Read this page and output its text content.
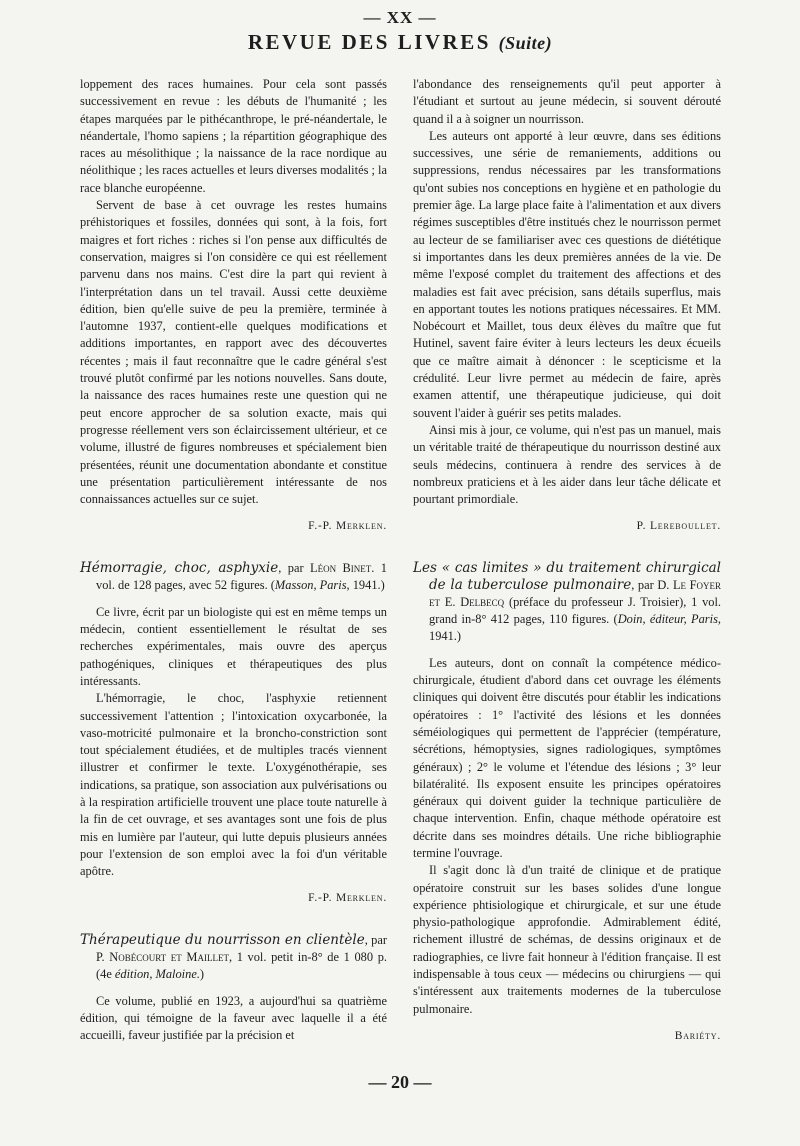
— XX —
REVUE DES LIVRES (Suite)

loppement des races humaines. Pour cela sont passés successivement en revue : les débuts de l'humanité ; les étapes marquées par le pithécanthrope, le pré-néandertale, le néandertale, l'homo sapiens ; la répartition géographique des races au mésolithique ; la naissance de la race nordique au néolithique ; les races actuelles et leurs diverses modalités ; la race blanche européenne.

Servent de base à cet ouvrage les restes humains préhistoriques et fossiles, données qui sont, à la fois, fort maigres et fort riches : riches si l'on pense aux difficultés de conservation, maigres si l'on considère ce qui est réellement parvenu dans nos mains. C'est dire la part qui revient à l'interprétation dans un tel travail. Aussi cette deuxième édition, bien qu'elle suive de peu la première, terminée à l'automne 1937, contient-elle quelques modifications et additions importantes, en rapport avec des découvertes récentes ; mais il faut reconnaître que le cadre général s'est trouvé plutôt confirmé par les notions nouvelles. Sans doute, la naissance des races humaines reste une question qui ne peut encore approcher de sa solution exacte, mais qui progresse réellement vers son éclaircissement ultérieur, et ce volume, illustré de figures nombreuses et spécialement bien présentées, réunit une documentation abondante et constitue une présentation particulièrement intéressante de nos connaissances actuelles sur ce sujet.

F.-P. Merklen.

Hémorragie, choc, asphyxie, par Léon Binet. 1 vol. de 128 pages, avec 52 figures. (Masson, Paris, 1941.)

Ce livre, écrit par un biologiste qui est en même temps un médecin, contient essentiellement le résultat de ses recherches expérimentales, mais ouvre des aperçus pathogéniques, cliniques et thérapeutiques des plus intéressants.

L'hémorragie, le choc, l'asphyxie retiennent successivement l'attention ; l'intoxication oxycarbonée, la vaso-motricité pulmonaire et la broncho-constriction sont tout spécialement étudiées, et de multiples tracés viennent illustrer et confirmer le texte. L'oxygénothérapie, ses indications, sa pratique, son association aux pulvérisations ou à la respiration artificielle trouvent une place toute naturelle à la fin de cet ouvrage, et ses avantages sont une fois de plus mis en lumière par l'auteur, qui lutte depuis plusieurs années pour l'extension de son emploi avec la foi d'un véritable apôtre.

F.-P. Merklen.

Thérapeutique du nourrisson en clientèle, par P. Nobécourt et Maillet, 1 vol. petit in-8° de 1 080 p. (4e édition, Maloine.)

Ce volume, publié en 1923, a aujourd'hui sa quatrième édition, qui témoigne de la faveur avec laquelle il a été accueilli, faveur justifiée par la précision et

l'abondance des renseignements qu'il peut apporter à l'étudiant et surtout au jeune médecin, si souvent dérouté quand il a à soigner un nourrisson.

Les auteurs ont apporté à leur œuvre, dans ses éditions successives, une série de remaniements, additions ou suppressions, rendus nécessaires par les transformations qu'ont subies nos conceptions en hygiène et en pathologie du premier âge. La large place faite à l'alimentation et aux divers régimes susceptibles d'être institués chez le nourrisson permet au lecteur de se familiariser avec ces questions de diététique si importantes dans les deux premières années de la vie. De même l'exposé complet du traitement des affections et des maladies est fait avec précision, sans détails superflus, mais en apportant toutes les notions pratiques nécessaires. Et MM. Nobécourt et Maillet, tous deux élèves du maître que fut Hutinel, savent faire éviter à leurs lecteurs les deux écueils que ce maître aimait à dénoncer : le scepticisme et la crédulité. Leur livre permet au médecin de faire, après examen attentif, une thérapeutique judicieuse, qui doit souvent l'aider à guérir ses petits malades.

Ainsi mis à jour, ce volume, qui n'est pas un manuel, mais un véritable traité de thérapeutique du nourrisson destiné aux seuls médecins, continuera à rendre des services à de nombreux praticiens et à les aider dans leur tâche délicate et pourtant primordiale.

P. Lereboullet.

Les « cas limites » du traitement chirurgical de la tuberculose pulmonaire, par D. Le Foyer et E. Delbecq (préface du professeur J. Troisier), 1 vol. grand in-8° 412 pages, 110 figures. (Doin, éditeur, Paris, 1941.)

Les auteurs, dont on connaît la compétence médico-chirurgicale, étudient d'abord dans cet ouvrage les éléments cliniques qui doivent être discutés pour établir les indications opératoires : 1° l'activité des lésions et les données séméiologiques qui permettent de l'apprécier (température, sécrétions, hémoptysies, signes radiologiques, symptômes généraux) ; 2° le volume et l'étendue des lésions ; 3° leur bilatéralité. Ils exposent ensuite les principes opératoires généraux qui doivent guider la technique particulière de chaque intervention. Enfin, chaque méthode opératoire est décrite dans ses moindres détails. Une riche bibliographie termine l'ouvrage.

Il s'agit donc là d'un traité de clinique et de pratique opératoire construit sur les bases solides d'une longue expérience phtisiologique et chirurgicale, et sur une étude physio-pathologique approfondie. Admirablement édité, richement illustré de schémas, de dessins originaux et de radiographies, ce livre fait honneur à l'édition française. Il est indispensable à tous ceux — médecins ou chirurgiens — qui s'intéressent aux traitements modernes de la tuberculose pulmonaire.

Bariéty.

— 20 —
